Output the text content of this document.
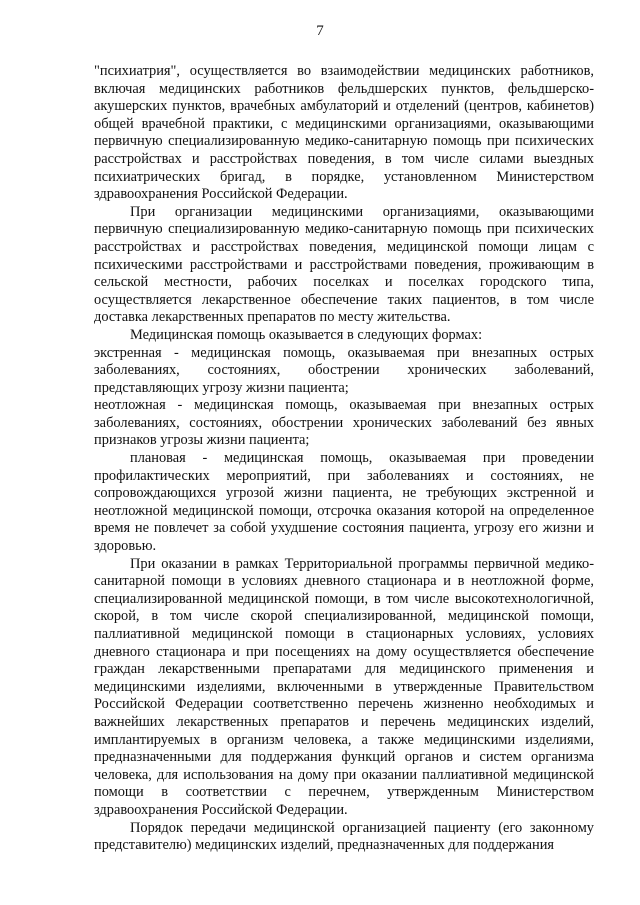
7

"психиатрия", осуществляется во взаимодействии медицинских работников, включая медицинских работников фельдшерских пунктов, фельдшерско-акушерских пунктов, врачебных амбулаторий и отделений (центров, кабинетов) общей врачебной практики, с медицинскими организациями, оказывающими первичную специализированную медико-санитарную помощь при психических расстройствах и расстройствах поведения, в том числе силами выездных психиатрических бригад, в порядке, установленном Министерством здравоохранения Российской Федерации.

При организации медицинскими организациями, оказывающими первичную специализированную медико-санитарную помощь при психических расстройствах и расстройствах поведения, медицинской помощи лицам с психическими расстройствами и расстройствами поведения, проживающим в сельской местности, рабочих поселках и поселках городского типа, осуществляется лекарственное обеспечение таких пациентов, в том числе доставка лекарственных препаратов по месту жительства.

Медицинская помощь оказывается в следующих формах:

экстренная - медицинская помощь, оказываемая при внезапных острых заболеваниях, состояниях, обострении хронических заболеваний, представляющих угрозу жизни пациента;

неотложная - медицинская помощь, оказываемая при внезапных острых заболеваниях, состояниях, обострении хронических заболеваний без явных признаков угрозы жизни пациента;

плановая - медицинская помощь, оказываемая при проведении профилактических мероприятий, при заболеваниях и состояниях, не сопровождающихся угрозой жизни пациента, не требующих экстренной и неотложной медицинской помощи, отсрочка оказания которой на определенное время не повлечет за собой ухудшение состояния пациента, угрозу его жизни и здоровью.

При оказании в рамках Территориальной программы первичной медико-санитарной помощи в условиях дневного стационара и в неотложной форме, специализированной медицинской помощи, в том числе высокотехнологичной, скорой, в том числе скорой специализированной, медицинской помощи, паллиативной медицинской помощи в стационарных условиях, условиях дневного стационара и при посещениях на дому осуществляется обеспечение граждан лекарственными препаратами для медицинского применения и медицинскими изделиями, включенными в утвержденные Правительством Российской Федерации соответственно перечень жизненно необходимых и важнейших лекарственных препаратов и перечень медицинских изделий, имплантируемых в организм человека, а также медицинскими изделиями, предназначенными для поддержания функций органов и систем организма человека, для использования на дому при оказании паллиативной медицинской помощи в соответствии с перечнем, утвержденным Министерством здравоохранения Российской Федерации.

Порядок передачи медицинской организацией пациенту (его законному представителю) медицинских изделий, предназначенных для поддержания
